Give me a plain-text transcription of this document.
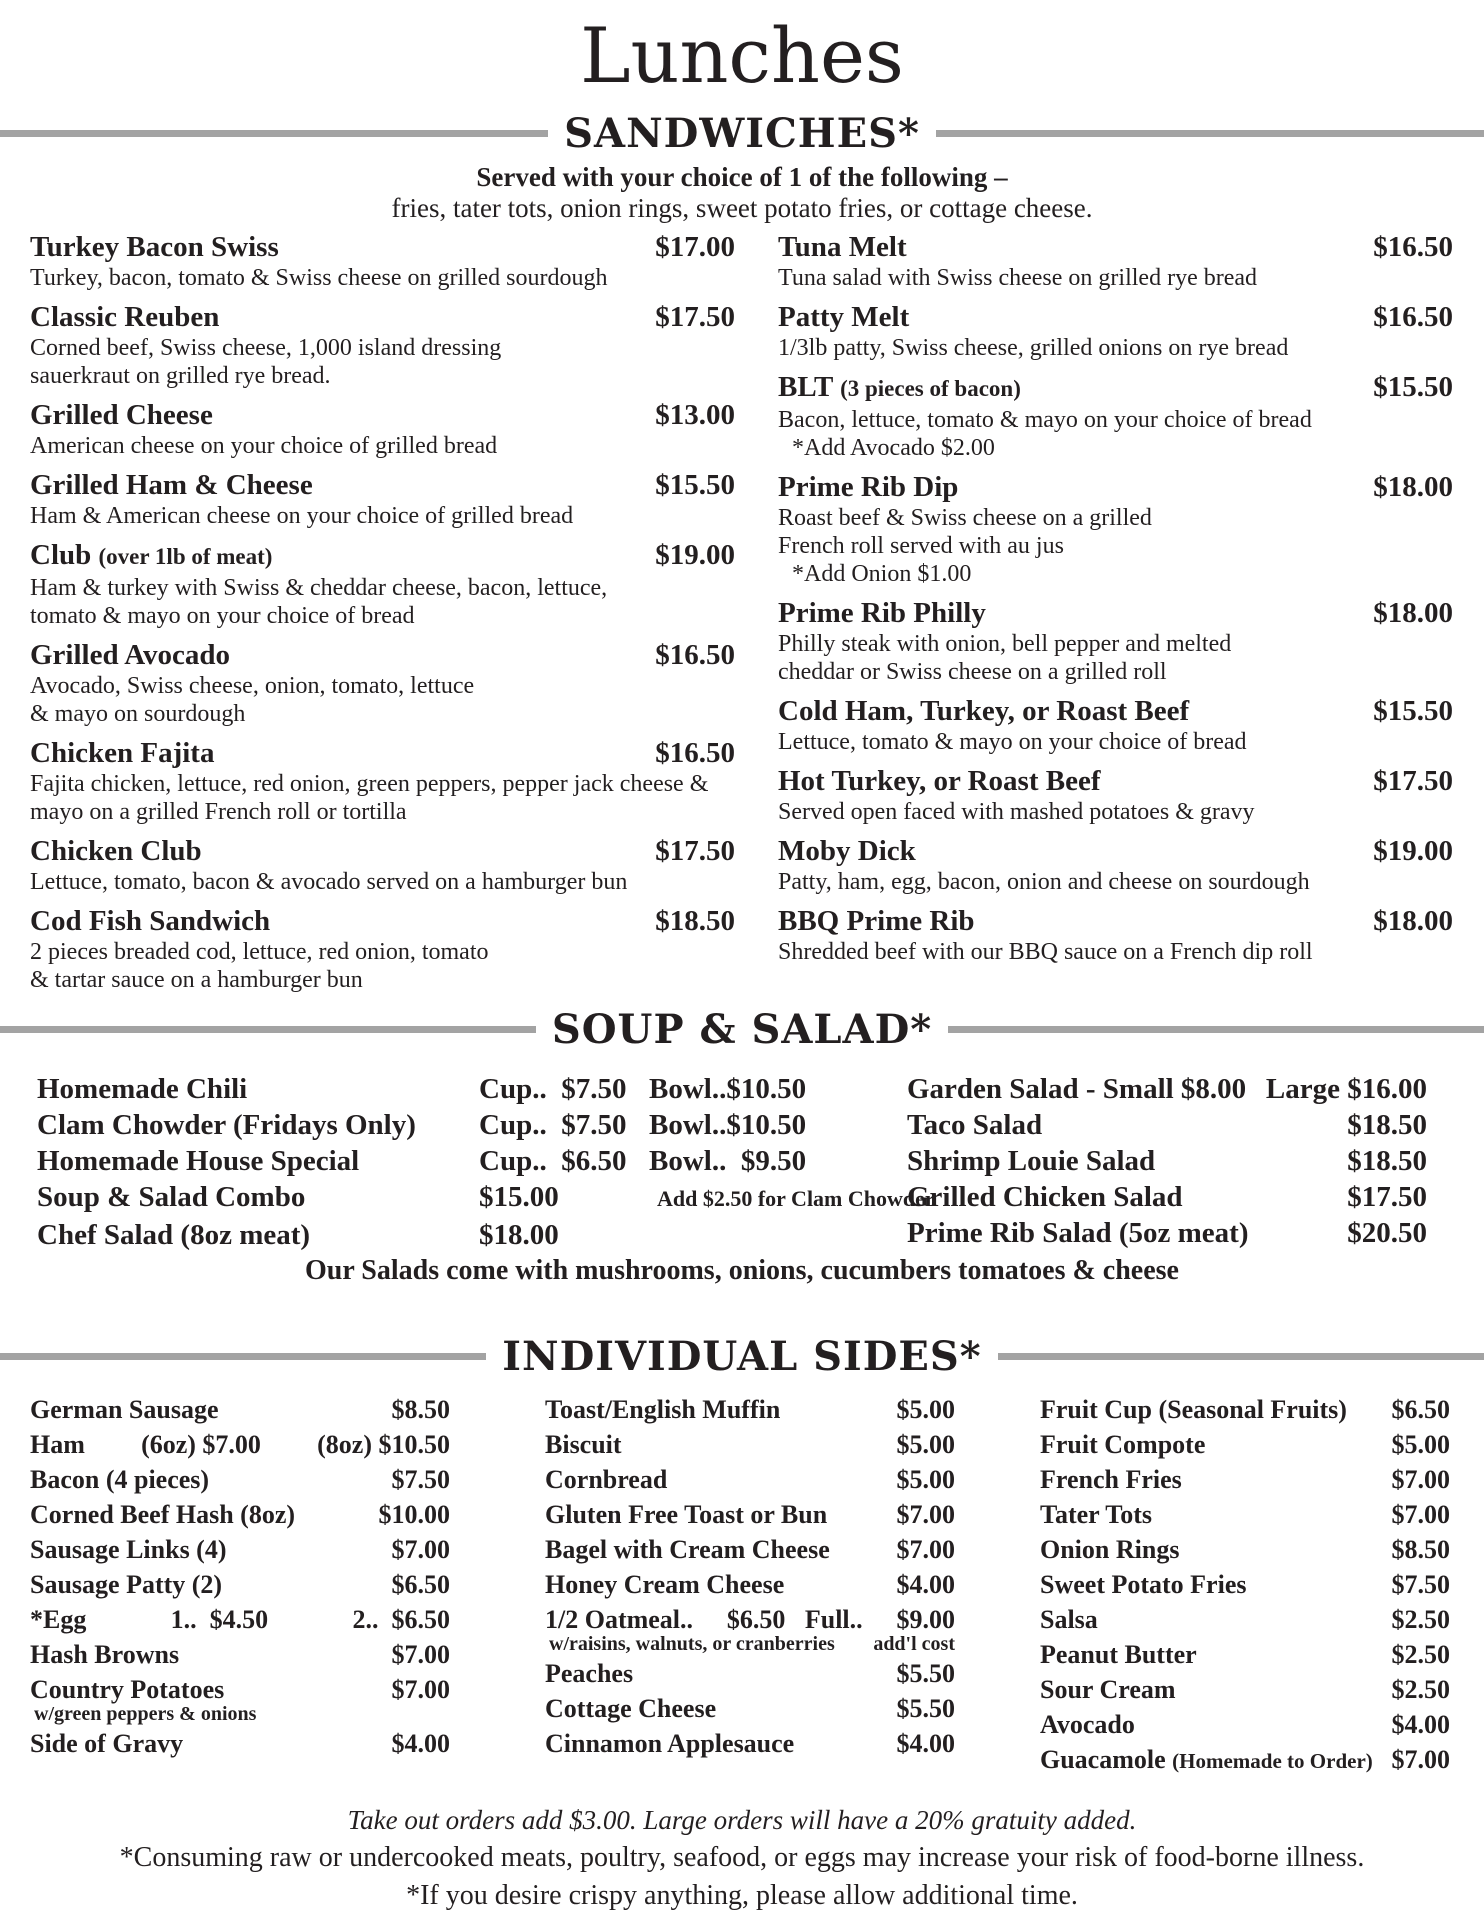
Lunches
SANDWICHES*
Served with your choice of 1 of the following –
fries, tater tots, onion rings, sweet potato fries, or cottage cheese.
Turkey Bacon Swiss	$17.00
Turkey, bacon, tomato & Swiss cheese on grilled sourdough
Classic Reuben	$17.50
Corned beef, Swiss cheese, 1,000 island dressing
sauerkraut on grilled rye bread.
Grilled Cheese	$13.00
American cheese on your choice of grilled bread
Grilled Ham & Cheese	$15.50
Ham & American cheese on your choice of grilled bread
Club (over 1lb of meat)	$19.00
Ham & turkey with Swiss & cheddar cheese, bacon, lettuce,
tomato & mayo on your choice of bread
Grilled Avocado	$16.50
Avocado, Swiss cheese, onion, tomato, lettuce
& mayo on sourdough
Chicken Fajita	$16.50
Fajita chicken, lettuce, red onion, green peppers, pepper jack cheese &
mayo on a grilled French roll or tortilla
Chicken Club	$17.50
Lettuce, tomato, bacon & avocado served on a hamburger bun
Cod Fish Sandwich	$18.50
2 pieces breaded cod, lettuce, red onion, tomato
& tartar sauce on a hamburger bun
Tuna Melt	$16.50
Tuna salad with Swiss cheese on grilled rye bread
Patty Melt	$16.50
1/3lb patty, Swiss cheese, grilled onions on rye bread
BLT (3 pieces of bacon)	$15.50
Bacon, lettuce, tomato & mayo on your choice of bread
*Add Avocado $2.00
Prime Rib Dip	$18.00
Roast beef & Swiss cheese on a grilled
French roll served with au jus
*Add Onion $1.00
Prime Rib Philly	$18.00
Philly steak with onion, bell pepper and melted
cheddar or Swiss cheese on a grilled roll
Cold Ham, Turkey, or Roast Beef	$15.50
Lettuce, tomato & mayo on your choice of bread
Hot Turkey, or Roast Beef	$17.50
Served open faced with mashed potatoes & gravy
Moby Dick	$19.00
Patty, ham, egg, bacon, onion and cheese on sourdough
BBQ Prime Rib	$18.00
Shredded beef with our BBQ sauce on a French dip roll
SOUP & SALAD*
Homemade Chili	Cup..  $7.50 Bowl..$10.50
Clam Chowder (Fridays Only)	Cup..  $7.50 Bowl..$10.50
Homemade House Special	Cup..  $6.50 Bowl..  $9.50
Soup & Salad Combo	$15.00	Add $2.50 for Clam Chowder
Chef Salad (8oz meat)	$18.00
Garden Salad - Small $8.00 Large $16.00
Taco Salad	$18.50
Shrimp Louie Salad	$18.50
Grilled Chicken Salad	$17.50
Prime Rib Salad (5oz meat)	$20.50
Our Salads come with mushrooms, onions, cucumbers tomatoes & cheese
INDIVIDUAL SIDES*
German Sausage	$8.50
Ham	(6oz) $7.00	(8oz) $10.50
Bacon (4 pieces)	$7.50
Corned Beef Hash (8oz)	$10.00
Sausage Links (4)	$7.00
Sausage Patty (2)	$6.50
*Egg	1..  $4.50	2..  $6.50
Hash Browns	$7.00
Country Potatoes	$7.00
w/green peppers & onions
Side of Gravy	$4.00
Toast/English Muffin	$5.00
Biscuit	$5.00
Cornbread	$5.00
Gluten Free Toast or Bun	$7.00
Bagel with Cream Cheese	$7.00
Honey Cream Cheese	$4.00
1/2 Oatmeal..	$6.50   Full..	$9.00
w/raisins, walnuts, or cranberries add'l cost
Peaches	$5.50
Cottage Cheese	$5.50
Cinnamon Applesauce	$4.00
Fruit Cup (Seasonal Fruits) $6.50
Fruit Compote	$5.00
French Fries	$7.00
Tater Tots	$7.00
Onion Rings	$8.50
Sweet Potato Fries	$7.50
Salsa	$2.50
Peanut Butter	$2.50
Sour Cream	$2.50
Avocado	$4.00
Guacamole (Homemade to Order) $7.00
Take out orders add $3.00. Large orders will have a 20% gratuity added.
*Consuming raw or undercooked meats, poultry, seafood, or eggs may increase your risk of food-borne illness.
*If you desire crispy anything, please allow additional time.
